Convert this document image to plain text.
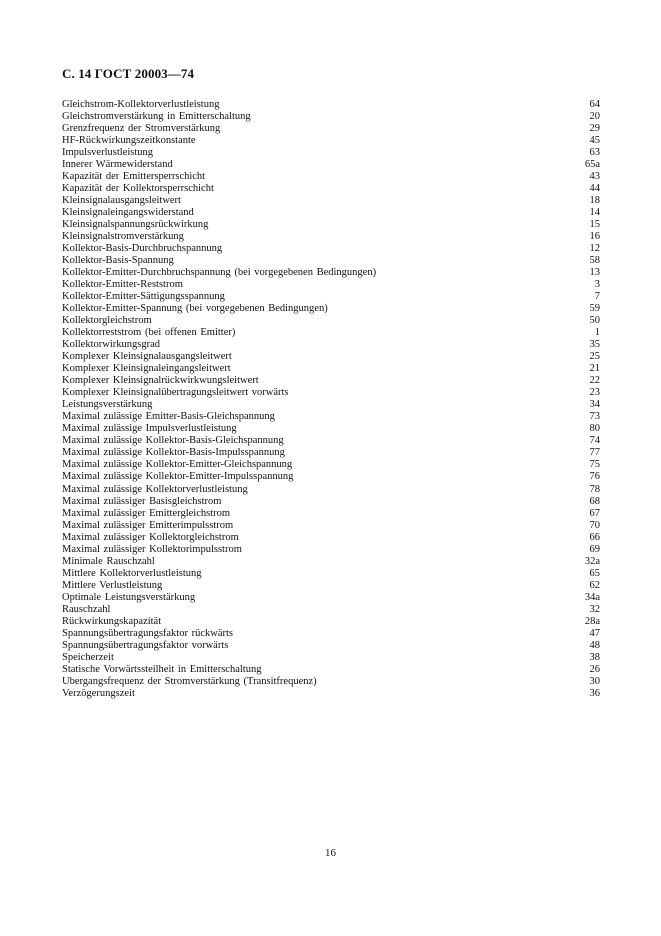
С. 14 ГОСТ 20003—74
Gleichstrom-Kollektorverlustleistung	64
Gleichstromverstärkung in Emitterschaltung	20
Grenzfrequenz der Stromverstärkung	29
HF-Rückwirkungszeitkonstante	45
Impulsverlustleistung	63
Innerer Wärmewiderstand	65a
Kapazität der Emittersperrschicht	43
Kapazität der Kollektorsperrschicht	44
Kleinsignalausgangsleitwert	18
Kleinsignaleingangswiderstand	14
Kleinsignalspannungsrückwirkung	15
Kleinsignalstromverstärkung	16
Kollektor-Basis-Durchbruchspannung	12
Kollektor-Basis-Spannung	58
Kollektor-Emitter-Durchbruchspannung (bei vorgegebenen Bedingungen)	13
Kollektor-Emitter-Reststrom	3
Kollektor-Emitter-Sättigungsspannung	7
Kollektor-Emitter-Spannung (bei vorgegebenen Bedingungen)	59
Kollektorgleichstrom	50
Kollektorreststrom (bei offenen Emitter)	1
Kollektorwirkungsgrad	35
Komplexer Kleinsignalausgangsleitwert	25
Komplexer Kleinsignaleingangsleitwert	21
Komplexer Kleinsignalrückwirkwungsleitwert	22
Komplexer Kleinsignalübertragungsleitwert vorwärts	23
Leistungsverstärkung	34
Maximal zulässige Emitter-Basis-Gleichspannung	73
Maximal zulässige Impulsverlustleistung	80
Maximal zulässige Kollektor-Basis-Gleichspannung	74
Maximal zulässige Kollektor-Basis-Impulsspannung	77
Maximal zulässige Kollektor-Emitter-Gleichspannung	75
Maximal zulässige Kollektor-Emitter-Impulsspannung	76
Maximal zulässige Kollektorverlustleistung	78
Maximal zulässiger Basisgleichstrom	68
Maximal zulässiger Emittergleichstrom	67
Maximal zulässiger Emitterimpulsstrom	70
Maximal zulässiger Kollektorgleichstrom	66
Maximal zulässiger Kollektorimpulsstrom	69
Minimale Rauschzahl	32a
Mittlere Kollektorverlustleistung	65
Mittlere Verlustleistung	62
Optimale Leistungsverstärkung	34a
Rauschzahl	32
Rückwirkungskapazität	28a
Spannungsübertragungsfaktor rückwärts	47
Spannungsübertragungsfaktor vorwärts	48
Speicherzeit	38
Statische Vorwärtssteilheit in Emitterschaltung	26
Ubergangsfrequenz der Stromverstärkung (Transitfrequenz)	30
Verzögerungszeit	36
16
